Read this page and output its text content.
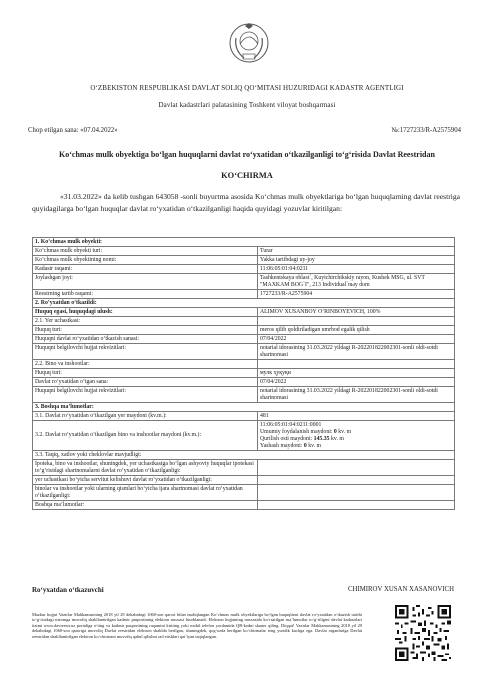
O‘ZBEKISTON RESPUBLIKASI DAVLAT SOLIQ QO‘MITASI HUZURIDAGI KADASTR AGENTLIGI
Davlat kadastrlari palatasining Toshkent viloyat boshqarmasi
Chop etilgan sana: «07.04.2022»	№:1727233/R-A2575904
Ko‘chmas mulk obyektiga bo‘lgan huquqlarni davlat ro‘yxatidan o‘tkazilganligi to‘g‘risida Davlat Reestridan
KO‘CHIRMA
«31.03.2022» da kelib tushgan 643058 -sonli buyurtma asosida Ko‘chmas mulk obyektlariga bo‘lgan huquqlarning davlat reestriga quyidagilarga bo‘lgan huquqlar davlat ro‘yxatidan o‘tkazilganligi haqida quyidagi yozuvlar kiritilgan:
1. Ko‘chmas mulk obyekti:	
Ko‘chmas mulk obyekti turi:	Turar
Ko‘chmas mulk obyektining nomi:	Yakka tartibdagi uy-joy
Kadastr raqami:	11:06:05:01:04:0211
Joylashgan joyi:	Tashkentskaya oblast`, Kuyichirchikskiy rayon, Kushek MSG, ul. SVT "MAXKAM BOG`I", 213 Individual`nыy dom
Reestrning tartib raqami:	1727233/R-A2575904
2. Ro‘yxatdan o‘tkazildi:	
Huquq egasi, huquqdagi ulush:	ALIMOV XUSANBOY O‘RINBOYEVICH, 100%
2.1. Yer uchastkasi:	
Huquq turi:	meros qilib qoldiriladigan umrbod egalik qilish
Huquqni davlat ro‘yxatidan o‘tkazish sanasi:	07/04/2022
Huquqni belgilovchi hujjat rekvizitlari:	notarial idorasining 31.03.2022 yildagi R-202201822002301-sonli oldi-sotdi shartnomasi
2.2. Bino va inshootlar:	
Huquq turi:	мулк ҳуқуқи
Davlat ro‘yxatidan o‘tgan sana:	07/04/2022
Huquqni belgilovchi hujjat rekvizitlari:	notarial idorasining 31.03.2022 yildagi R-202201822002301-sonli oldi-sotdi shartnomasi
3. Boshqa ma’lumotlar:	
3.1. Davlat ro‘yxatidan o‘tkazilgan yer maydoni (kv.m.):	481
3.2. Davlat ro‘yxatidan o‘tkazilgan bino va inshootlar maydoni (kv.m.):	11:06:05:01:04:0211:0001
Umumiy foydalanish maydoni: 0 kv. m
Qurilish osti maydoni: 145.35 kv. m
Yashash maydoni: 0 kv. m

3.3. Taqiq, xatlov yoki cheklovlar mavjudligi:	
Ipoteka, bino va inshootlar, shuningdek, yer uchastkasiga bo‘lgan ashyoviy huquqlar ipotekasi to‘g‘risidagi shartnomalarni davlat ro‘yxatidan o‘tkazilganligi:	
yer uchastkasi bo‘yicha servitut kelishuvi davlat ro‘yxatidan o‘tkazilganligi:	
binolar va inshootlar yoki ularning qismlari bo‘yicha ijara shartnomasi davlat ro‘yxatidan o‘tkazilganligi:	
Boshqa ma’lumotlar:	
Ro‘yxatdan o‘tkazuvchi	CHIMIROV XUSAN XASANOVICH
Mazkur hujjat Vazirlar Mahkamasining 2018 yil 29 dekabrdagi 1060-son qarori bilan tasdiqlangan Ko‘chmas mulk obyektlariga bo‘lgan huquqlarni davlat ro‘yxatidan o‘tkazish tartibi to‘g‘risidagi nizomga muvofiq shakllantirilgan kadastr pasportining elektron nusxasi hisoblanadi. Elektron hujjatning nusxasida ko‘rsatilgan ma’lumotlar to‘g‘riligini davlat kadastrlari tizimi www.davreestr.uz portaliga o‘ting va kadastr pasportining raqamini kiriting yoki mobil telefon yordamida QR-kodni skaner qiling. Diqqat! Vazirlar Mahkamasining 2018 yil 29 dekabrdagi 1060-son qaroriga muvofiq Davlat reestridan elektron shaklda berilgan, shuningdek, qog‘ozda berilgan ko‘chirmalar teng yuridik kuchga ega. Davlat organlariga Davlat reestridan shakllantirilgan elektron ko‘chirmani muvofiq qabul qilishni rad etishlari qat’iyan taqiqlangan.
